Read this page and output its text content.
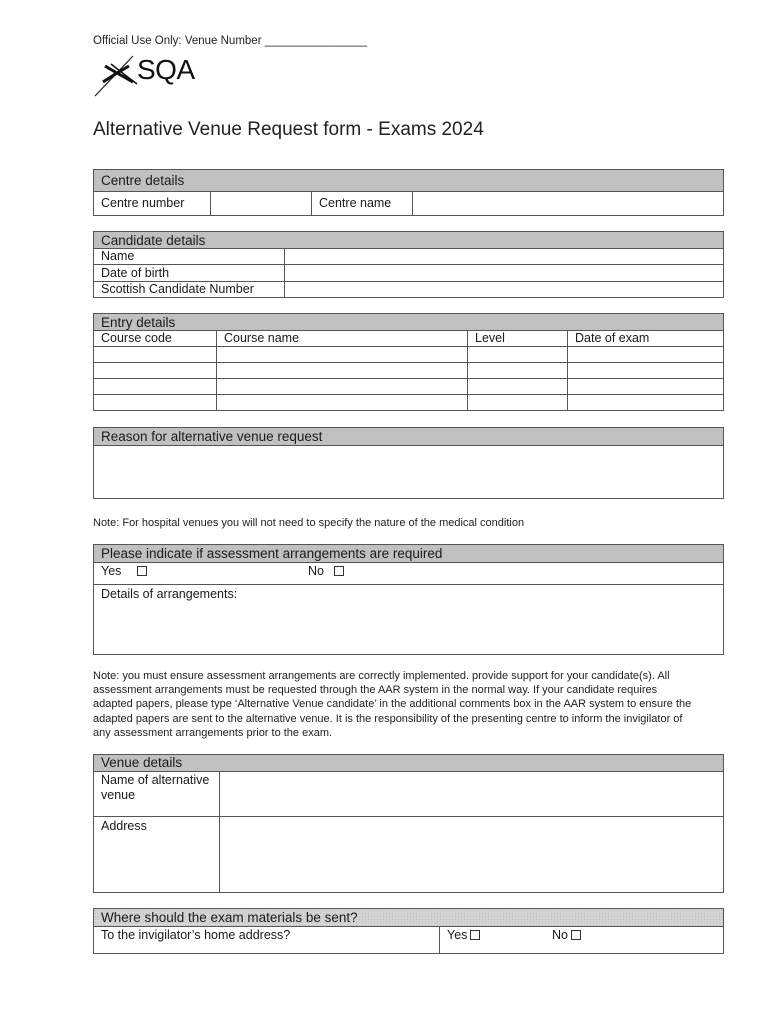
Official Use Only: Venue Number ________________
SQA
Alternative Venue Request form - Exams 2024
Centre details
Centre number	Centre name
Candidate details
Name
Date of birth
Scottish Candidate Number
Entry details
Course code	Course name	Level	Date of exam
Reason for alternative venue request
Note: For hospital venues you will not need to specify the nature of the medical condition
Please indicate if assessment arrangements are required
Yes	No
Details of arrangements:
Note: you must ensure assessment arrangements are correctly implemented. provide support for your candidate(s). All assessment arrangements must be requested through the AAR system in the normal way. If your candidate requires adapted papers, please type ‘Alternative Venue candidate’ in the additional comments box in the AAR system to ensure the adapted papers are sent to the alternative venue. It is the responsibility of the presenting centre to inform the invigilator of any assessment arrangements prior to the exam.
Venue details
Name of alternative venue
Address
Where should the exam materials be sent?
To the invigilator’s home address?	Yes	No
